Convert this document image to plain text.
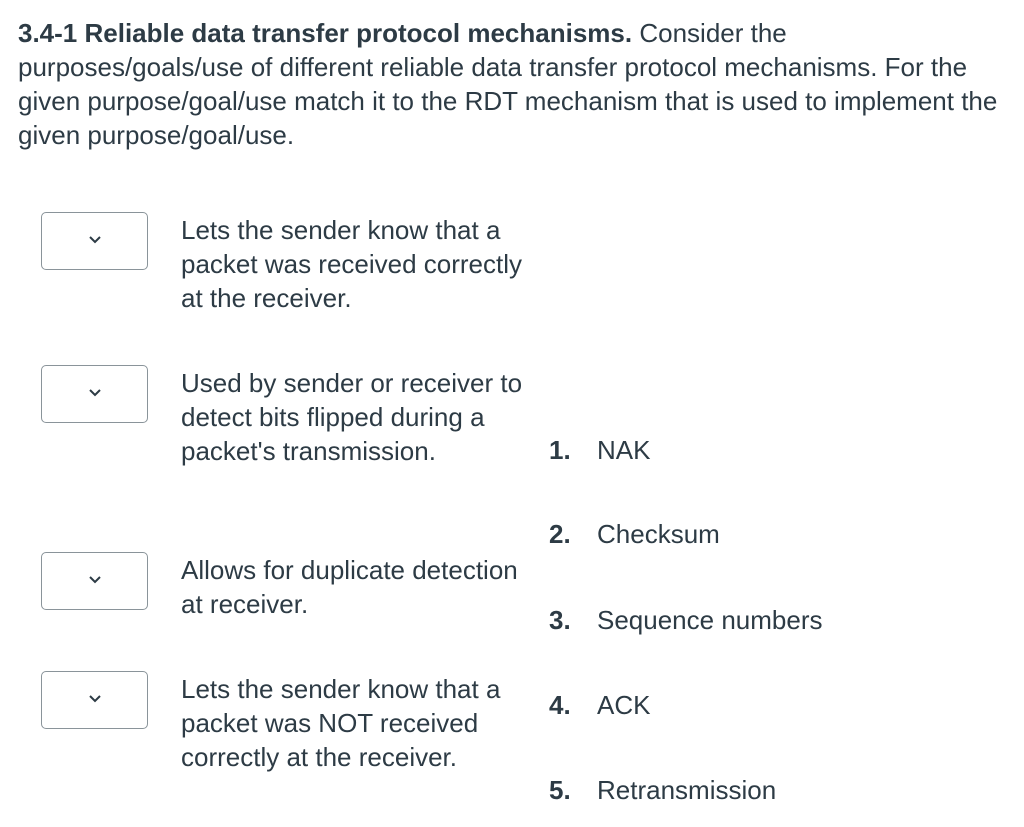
3.4-1 Reliable data transfer protocol mechanisms. Consider the purposes/goals/use of different reliable data transfer protocol mechanisms. For the given purpose/goal/use match it to the RDT mechanism that is used to implement the given purpose/goal/use.
Lets the sender know that a packet was received correctly at the receiver.
Used by sender or receiver to detect bits flipped during a packet's transmission.
Allows for duplicate detection at receiver.
Lets the sender know that a packet was NOT received correctly at the receiver.
1. NAK
2. Checksum
3. Sequence numbers
4. ACK
5. Retransmission
